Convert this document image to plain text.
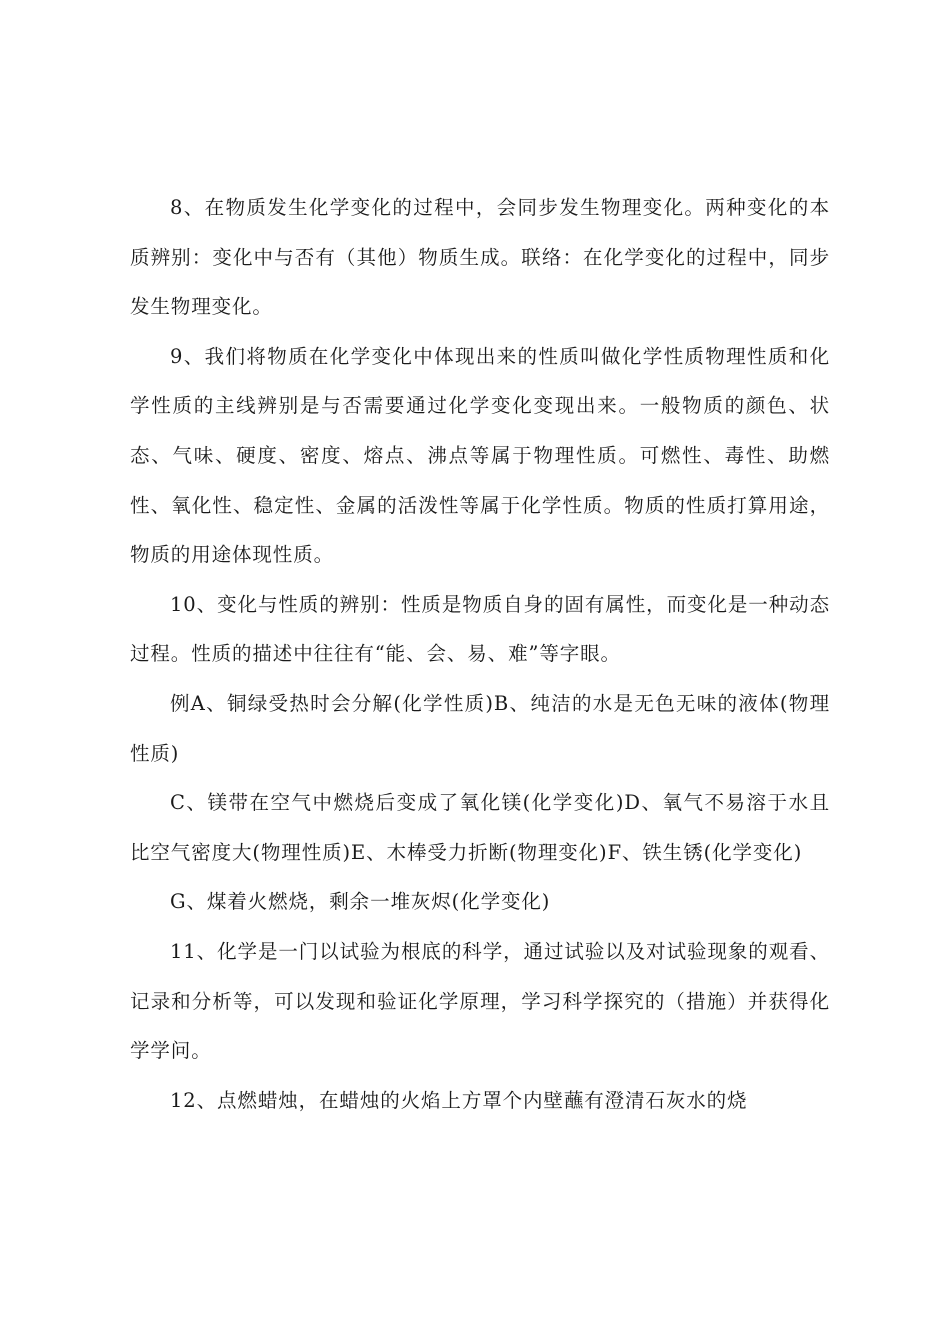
8、在物质发生化学变化的过程中，会同步发生物理变化。两种变化的本质辨别：变化中与否有（其他）物质生成。联络：在化学变化的过程中，同步发生物理变化。

9、我们将物质在化学变化中体现出来的性质叫做化学性质物理性质和化学性质的主线辨别是与否需要通过化学变化变现出来。一般物质的颜色、状态、气味、硬度、密度、熔点、沸点等属于物理性质。可燃性、毒性、助燃性、氧化性、稳定性、金属的活泼性等属于化学性质。物质的性质打算用途，物质的用途体现性质。

10、变化与性质的辨别：性质是物质自身的固有属性，而变化是一种动态过程。性质的描述中往往有“能、会、易、难”等字眼。

例A、铜绿受热时会分解(化学性质)B、纯洁的水是无色无味的液体(物理性质)

C、镁带在空气中燃烧后变成了氧化镁(化学变化)D、氧气不易溶于水且比空气密度大(物理性质)E、木棒受力折断(物理变化)F、铁生锈(化学变化)

G、煤着火燃烧，剩余一堆灰烬(化学变化)

11、化学是一门以试验为根底的科学，通过试验以及对试验现象的观看、记录和分析等，可以发现和验证化学原理，学习科学探究的（措施）并获得化学学问。

12、点燃蜡烛，在蜡烛的火焰上方罩个内壁蘸有澄清石灰水的烧
